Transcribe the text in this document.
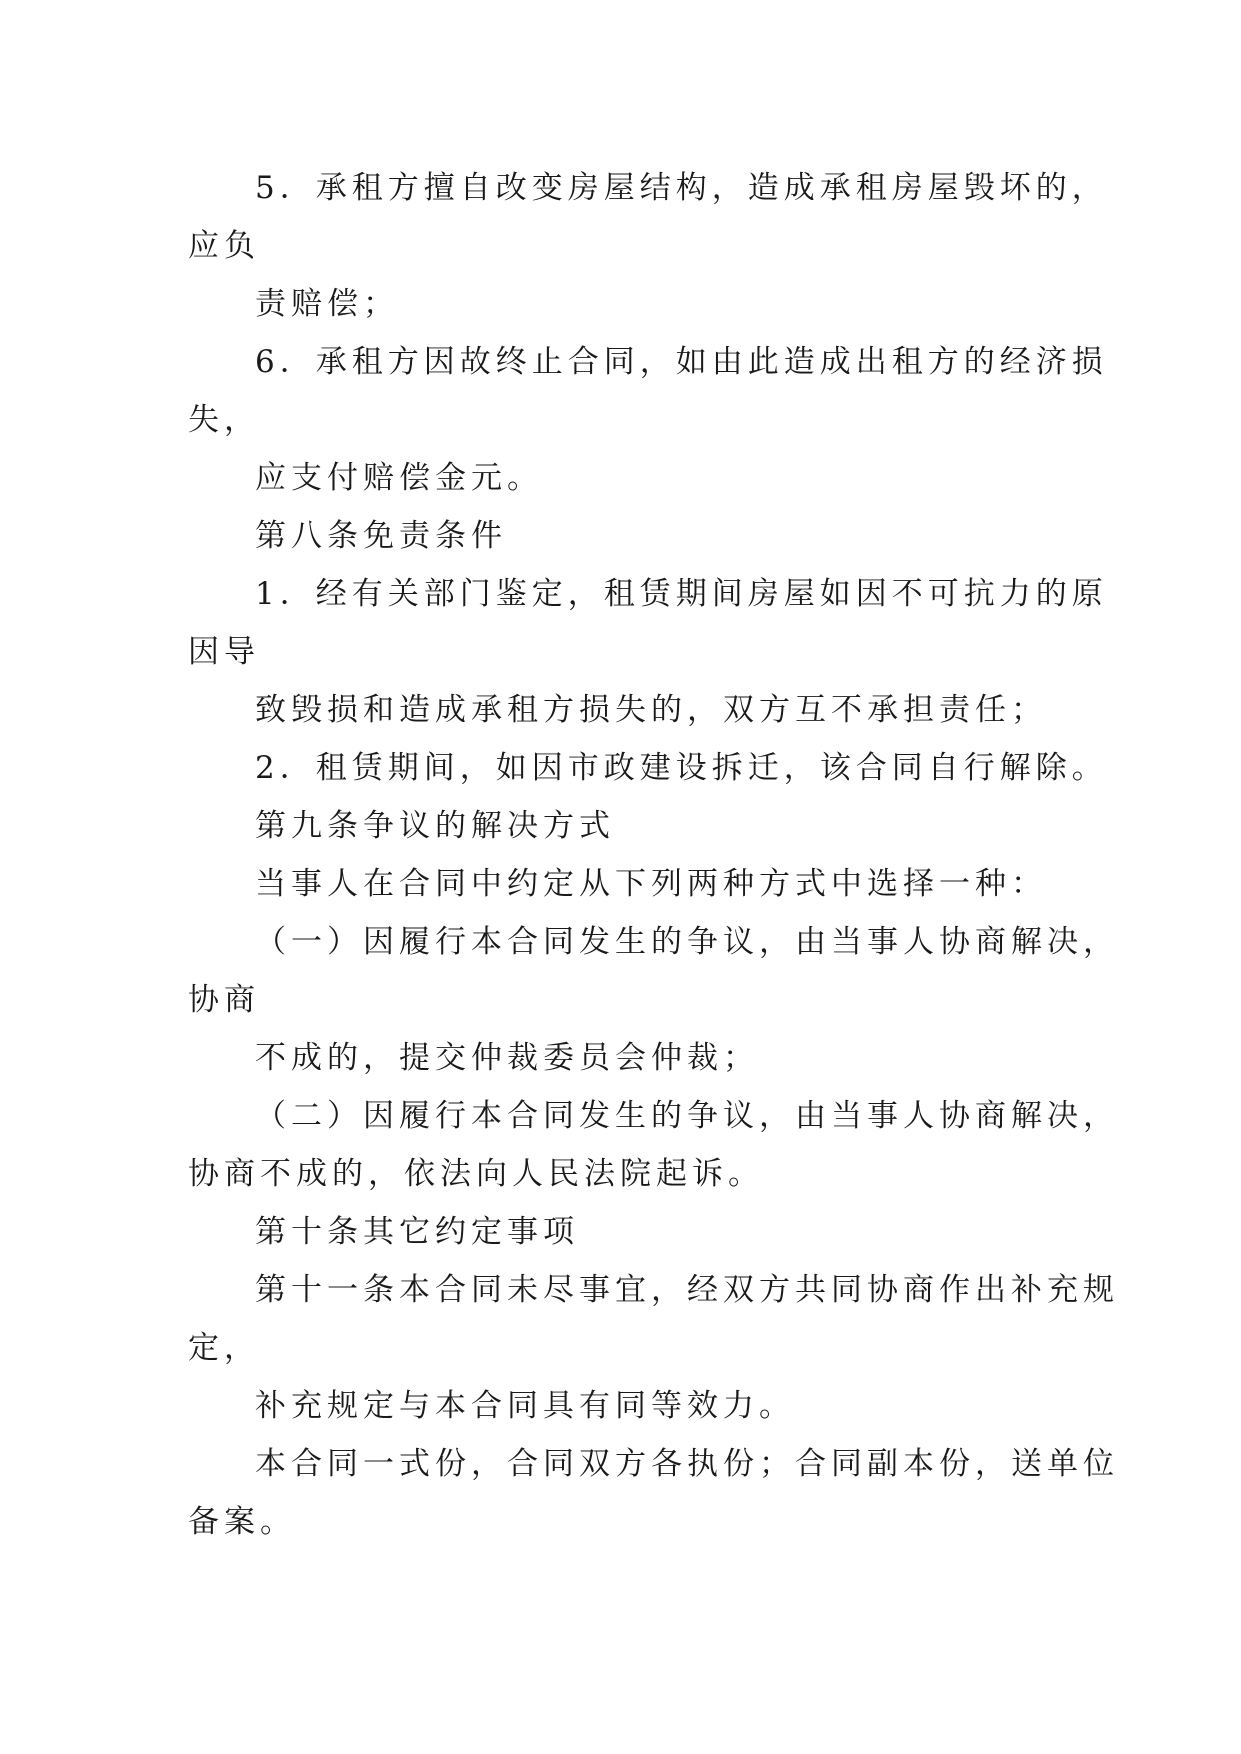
5．承租方擅自改变房屋结构，造成承租房屋毁坏的，
应负
责赔偿；
6．承租方因故终止合同，如由此造成出租方的经济损
失，
应支付赔偿金元。
第八条免责条件
1．经有关部门鉴定，租赁期间房屋如因不可抗力的原
因导
致毁损和造成承租方损失的，双方互不承担责任；
2．租赁期间，如因市政建设拆迁，该合同自行解除。
第九条争议的解决方式
当事人在合同中约定从下列两种方式中选择一种：
（一）因履行本合同发生的争议，由当事人协商解决，
协商
不成的，提交仲裁委员会仲裁；
（二）因履行本合同发生的争议，由当事人协商解决，
协商不成的，依法向人民法院起诉。
第十条其它约定事项
第十一条本合同未尽事宜，经双方共同协商作出补充规
定，
补充规定与本合同具有同等效力。
本合同一式份，合同双方各执份；合同副本份，送单位
备案。
